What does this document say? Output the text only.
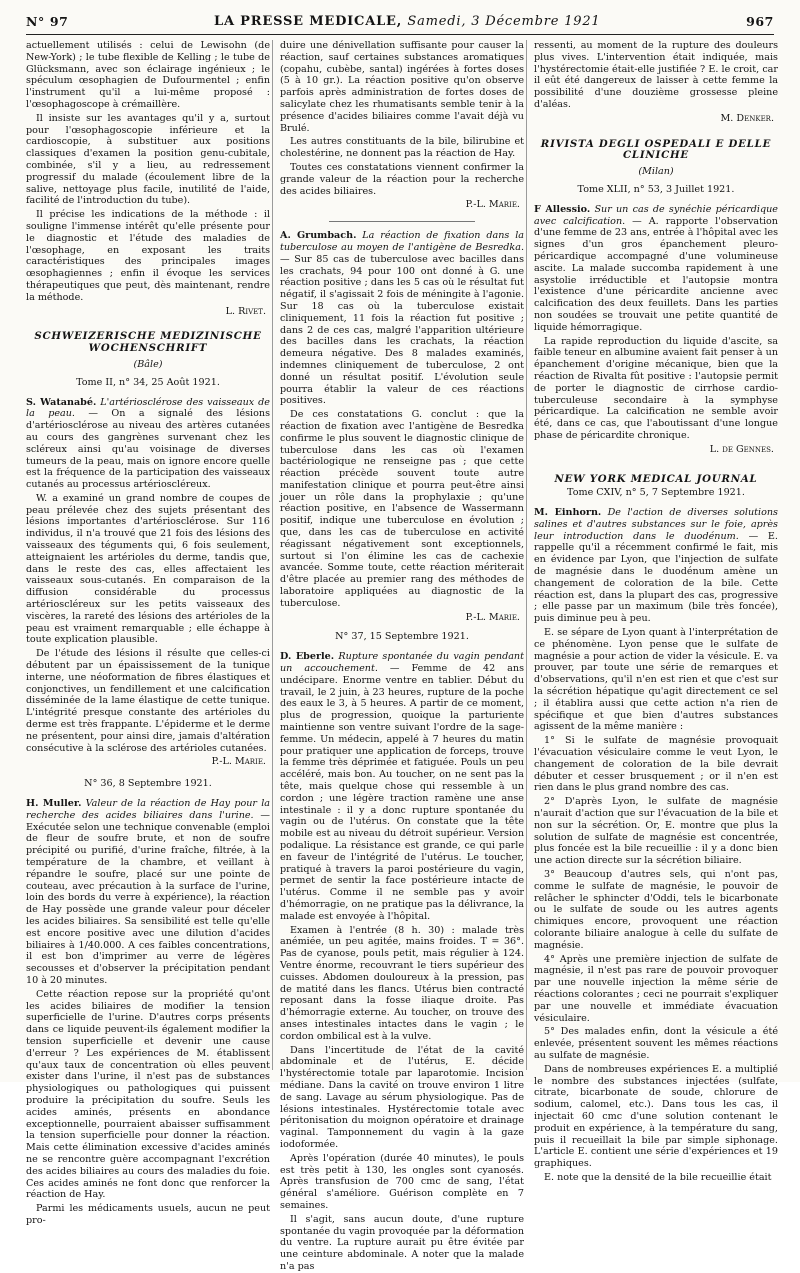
N° 97	LA PRESSE MEDICALE, Samedi, 3 Décembre 1921	967

actuellement utilisés : celui de Lewisohn (de New-York) ; le tube flexible de Kelling ; le tube de Glücksmann, avec son éclairage ingénieux ; le spéculum œsophagien de Dufourmentel ; enfin l'instrument qu'il a lui-même proposé : l'œsophagoscope à crémaillère.

Il insiste sur les avantages qu'il y a, surtout pour l'œsophagoscopie inférieure et la cardioscopie, à substituer aux positions classiques d'examen la position genu-cubitale, combinée, s'il y a lieu, au redressement progressif du malade (écoulement libre de la salive, nettoyage plus facile, inutilité de l'aide, facilité de l'introduction du tube).

Il précise les indications de la méthode : il souligne l'immense intérêt qu'elle présente pour le diagnostic et l'étude des maladies de l'œsophage, en exposant les traits caractéristiques des principales images œsophagiennes ; enfin il évoque les services thérapeutiques que peut, dès maintenant, rendre la méthode.

L. Rivet.
SCHWEIZERISCHE MEDIZINISCHE WOCHENSCHRIFT
(Bâle)
Tome II, n° 34, 25 Août 1921.

S. Watanabé. L'artériosclérose des vaisseaux de la peau. — On a signalé des lésions d'artériosclérose au niveau des artères cutanées au cours des gangrènes survenant chez les scléreux ainsi qu'au voisinage de diverses tumeurs de la peau, mais on ignore encore quelle est la fréquence de la participation des vaisseaux cutanés au processus artérioscléreux.

W. a examiné un grand nombre de coupes de peau prélevée chez des sujets présentant des lésions importantes d'artériosclérose. Sur 116 individus, il n'a trouvé que 21 fois des lésions des vaisseaux des téguments qui, 6 fois seulement, atteignaient les artérioles du derme, tandis que, dans le reste des cas, elles affectaient les vaisseaux sous-cutanés. En comparaison de la diffusion considérable du processus artérioscléreux sur les petits vaisseaux des viscères, la rareté des lésions des artérioles de la peau est vraiment remarquable ; elle échappe à toute explication plausible.

De l'étude des lésions il résulte que celles-ci débutent par un épaississement de la tunique interne, une néoformation de fibres élastiques et conjonctives, un fendillement et une calcification disséminée de la lame élastique de cette tunique. L'intégrité presque constante des artérioles du derme est très frappante. L'épiderme et le derme ne présentent, pour ainsi dire, jamais d'altération consécutive à la sclérose des artérioles cutanées.

P.-L. Marie.
N° 36, 8 Septembre 1921.

H. Muller. Valeur de la réaction de Hay pour la recherche des acides biliaires dans l'urine. — Exécutée selon une technique convenable (emploi de fleur de soufre brute, et non de soufre précipité ou purifié, d'urine fraîche, filtrée, à la température de la chambre, et veillant à répandre le soufre, placé sur une pointe de couteau, avec précaution à la surface de l'urine, loin des bords du verre à expérience), la réaction de Hay possède une grande valeur pour déceler les acides biliaires. Sa sensibilité est telle qu'elle est encore positive avec une dilution d'acides biliaires à 1/40.000. A ces faibles concentrations, il est bon d'imprimer au verre de légères secousses et d'observer la précipitation pendant 10 à 20 minutes.

Cette réaction repose sur la propriété qu'ont les acides biliaires de modifier la tension superficielle de l'urine. D'autres corps présents dans ce liquide peuvent-ils également modifier la tension superficielle et devenir une cause d'erreur ? Les expériences de M. établissent qu'aux taux de concentration où elles peuvent exister dans l'urine, il n'est pas de substances physiologiques ou pathologiques qui puissent produire la précipitation du soufre. Seuls les acides aminés, présents en abondance exceptionnelle, pourraient abaisser suffisamment la tension superficielle pour donner la réaction. Mais cette élimination excessive d'acides aminés ne se rencontre guère accompagnant l'excrétion des acides biliaires au cours des maladies du foie. Ces acides aminés ne font donc que renforcer la réaction de Hay.

Parmi les médicaments usuels, aucun ne peut pro-

duire une dénivellation suffisante pour causer la réaction, sauf certaines substances aromatiques (copahu, cubèbe, santal) ingérées à fortes doses (5 à 10 gr.). La réaction positive qu'on observe parfois après administration de fortes doses de salicylate chez les rhumatisants semble tenir à la présence d'acides biliaires comme l'avait déjà vu Brulé.

Les autres constituants de la bile, bilirubine et cholestérine, ne donnent pas la réaction de Hay.

Toutes ces constatations viennent confirmer la grande valeur de la réaction pour la recherche des acides biliaires.

P.-L. Marie.

A. Grumbach. La réaction de fixation dans la tuberculose au moyen de l'antigène de Besredka. — Sur 85 cas de tuberculose avec bacilles dans les crachats, 94 pour 100 ont donné à G. une réaction positive ; dans les 5 cas où le résultat fut négatif, il s'agissait 2 fois de méningite à l'agonie. Sur 18 cas où la tuberculose existait cliniquement, 11 fois la réaction fut positive ; dans 2 de ces cas, malgré l'apparition ultérieure des bacilles dans les crachats, la réaction demeura négative. Des 8 malades examinés, indemnes cliniquement de tuberculose, 2 ont donné un résultat positif. L'évolution seule pourra établir la valeur de ces réactions positives.

De ces constatations G. conclut : que la réaction de fixation avec l'antigène de Besredka confirme le plus souvent le diagnostic clinique de tuberculose dans les cas où l'examen bactériologique ne renseigne pas ; que cette réaction précède souvent toute autre manifestation clinique et pourra peut-être ainsi jouer un rôle dans la prophylaxie ; qu'une réaction positive, en l'absence de Wassermann positif, indique une tuberculose en évolution ; que, dans les cas de tuberculose en activité réagissant négativement sont exceptionnels, surtout si l'on élimine les cas de cachexie avancée. Somme toute, cette réaction mériterait d'être placée au premier rang des méthodes de laboratoire appliquées au diagnostic de la tuberculose.

P.-L. Marie.
N° 37, 15 Septembre 1921.

D. Eberle. Rupture spontanée du vagin pendant un accouchement. — Femme de 42 ans undécipare. Enorme ventre en tablier. Début du travail, le 2 juin, à 23 heures, rupture de la poche des eaux le 3, à 5 heures. A partir de ce moment, plus de progression, quoique la parturiente maintienne son ventre suivant l'ordre de la sage-femme. Un médecin, appelé à 7 heures du matin pour pratiquer une application de forceps, trouve la femme très déprimée et fatiguée. Pouls un peu accéléré, mais bon. Au toucher, on ne sent pas la tête, mais quelque chose qui ressemble à un cordon ; une légère traction ramène une anse intestinale : il y a donc rupture spontanée du vagin ou de l'utérus. On constate que la tête mobile est au niveau du détroit supérieur. Version podalique. La résistance est grande, ce qui parle en faveur de l'intégrité de l'utérus. Le toucher, pratiqué à travers la paroi postérieure du vagin, permet de sentir la face postérieure intacte de l'utérus. Comme il ne semble pas y avoir d'hémorragie, on ne pratique pas la délivrance, la malade est envoyée à l'hôpital.

Examen à l'entrée (8 h. 30) : malade très anémiée, un peu agitée, mains froides. T = 36°. Pas de cyanose, pouls petit, mais régulier à 124. Ventre énorme, recouvrant le tiers supérieur des cuisses. Abdomen douloureux à la pression, pas de matité dans les flancs. Utérus bien contracté reposant dans la fosse iliaque droite. Pas d'hémorragie externe. Au toucher, on trouve des anses intestinales intactes dans le vagin ; le cordon ombilical est à la vulve.

Dans l'incertitude de l'état de la cavité abdominale et de l'utérus, E. décide l'hystérectomie totale par laparotomie. Incision médiane. Dans la cavité on trouve environ 1 litre de sang. Lavage au sérum physiologique. Pas de lésions intestinales. Hystérectomie totale avec péritonisation du moignon opératoire et drainage vaginal. Tamponnement du vagin à la gaze iodoformée.

Après l'opération (durée 40 minutes), le pouls est très petit à 130, les ongles sont cyanosés. Après transfusion de 700 cmc de sang, l'état général s'améliore. Guérison complète en 7 semaines.

Il s'agit, sans aucun doute, d'une rupture spontanée du vagin provoquée par la déformation du ventre. La rupture aurait pu être évitée par une ceinture abdominale. A noter que la malade n'a pas

ressenti, au moment de la rupture des douleurs plus vives. L'intervention était indiquée, mais l'hystérectomie était-elle justifiée ? E. le croit, car il eût été dangereux de laisser à cette femme la possibilité d'une douzième grossesse pleine d'aléas.

M. Denker.
RIVISTA DEGLI OSPEDALI E DELLE CLINICHE
(Milan)
Tome XLII, n° 53, 3 Juillet 1921.

F Allessio. Sur un cas de synéchie péricardique avec calcification. — A. rapporte l'observation d'une femme de 23 ans, entrée à l'hôpital avec les signes d'un gros épanchement pleuro-péricardique accompagné d'une volumineuse ascite. La malade succomba rapidement à une asystolie irréductible et l'autopsie montra l'existence d'une péricardite ancienne avec calcification des deux feuillets. Dans les parties non soudées se trouvait une petite quantité de liquide hémorragique.

La rapide reproduction du liquide d'ascite, sa faible teneur en albumine avaient fait penser à un épanchement d'origine mécanique, bien que la réaction de Rivalta fût positive : l'autopsie permit de porter le diagnostic de cirrhose cardio-tuberculeuse secondaire à la symphyse péricardique. La calcification ne semble avoir été, dans ce cas, que l'aboutissant d'une longue phase de péricardite chronique.

L. de Gennes.
NEW YORK MEDICAL JOURNAL
Tome CXIV, n° 5, 7 Septembre 1921.

M. Einhorn. De l'action de diverses solutions salines et d'autres substances sur le foie, après leur introduction dans le duodénum. — E. rappelle qu'il a récemment confirmé le fait, mis en évidence par Lyon, que l'injection de sulfate de magnésie dans le duodénum amène un changement de coloration de la bile. Cette réaction est, dans la plupart des cas, progressive ; elle passe par un maximum (bile très foncée), puis diminue peu à peu.

E. se sépare de Lyon quant à l'interprétation de ce phénomène. Lyon pense que le sulfate de magnésie a pour action de vider la vésicule. E. va prouver, par toute une série de remarques et d'observations, qu'il n'en est rien et que c'est sur la sécrétion hépatique qu'agit directement ce sel ; il établira aussi que cette action n'a rien de spécifique et que bien d'autres substances agissent de la même manière :

1° Si le sulfate de magnésie provoquait l'évacuation vésiculaire comme le veut Lyon, le changement de coloration de la bile devrait débuter et cesser brusquement ; or il n'en est rien dans le plus grand nombre des cas.

2° D'après Lyon, le sulfate de magnésie n'aurait d'action que sur l'évacuation de la bile et non sur la sécrétion. Or, E. montre que plus la solution de sulfate de magnésie est concentrée, plus foncée est la bile recueillie : il y a donc bien une action directe sur la sécrétion biliaire.

3° Beaucoup d'autres sels, qui n'ont pas, comme le sulfate de magnésie, le pouvoir de relâcher le sphincter d'Oddi, tels le bicarbonate ou le sulfate de soude ou les autres agents chimiques encore, provoquent une réaction colorante biliaire analogue à celle du sulfate de magnésie.

4° Après une première injection de sulfate de magnésie, il n'est pas rare de pouvoir provoquer par une nouvelle injection la même série de réactions colorantes ; ceci ne pourrait s'expliquer par une nouvelle et immédiate évacuation vésiculaire.

5° Des malades enfin, dont la vésicule a été enlevée, présentent souvent les mêmes réactions au sulfate de magnésie.

Dans de nombreuses expériences E. a multiplié le nombre des substances injectées (sulfate, citrate, bicarbonate de soude, chlorure de sodium, calomel, etc.). Dans tous les cas, il injectait 60 cmc d'une solution contenant le produit en expérience, à la température du sang, puis il recueillait la bile par simple siphonage. L'article E. contient une série d'expériences et 19 graphiques.

E. note que la densité de la bile recueillie était
